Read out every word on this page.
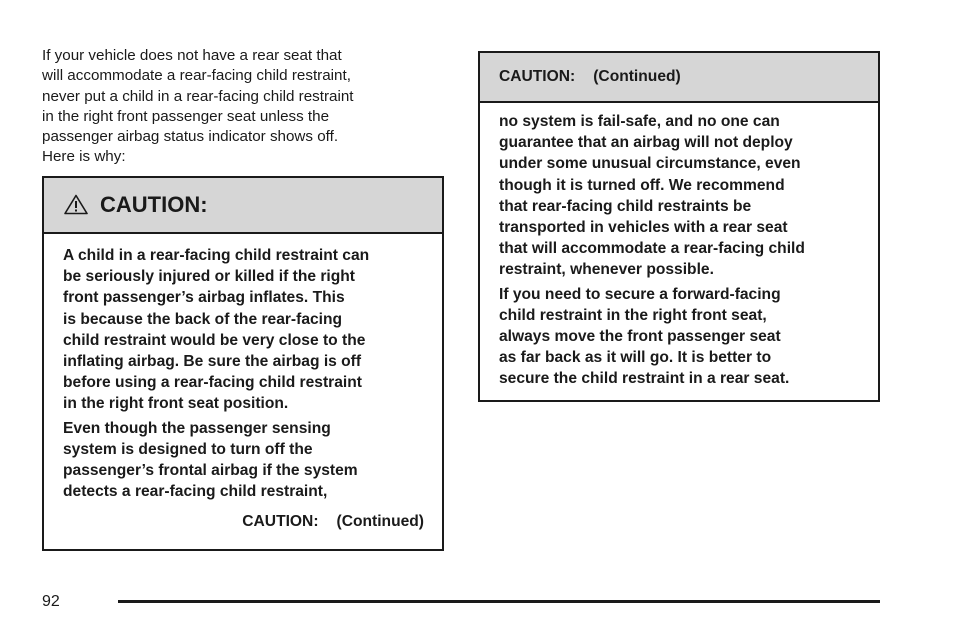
If your vehicle does not have a rear seat that
will accommodate a rear-facing child restraint,
never put a child in a rear-facing child restraint
in the right front passenger seat unless the
passenger airbag status indicator shows off.
Here is why:

CAUTION:

A child in a rear-facing child restraint can
be seriously injured or killed if the right
front passenger’s airbag inflates. This
is because the back of the rear-facing
child restraint would be very close to the
inflating airbag. Be sure the airbag is off
before using a rear-facing child restraint
in the right front seat position.

Even though the passenger sensing
system is designed to turn off the
passenger’s frontal airbag if the system
detects a rear-facing child restraint,

CAUTION: (Continued)
CAUTION: (Continued)

no system is fail-safe, and no one can
guarantee that an airbag will not deploy
under some unusual circumstance, even
though it is turned off. We recommend
that rear-facing child restraints be
transported in vehicles with a rear seat
that will accommodate a rear-facing child
restraint, whenever possible.

If you need to secure a forward-facing
child restraint in the right front seat,
always move the front passenger seat
as far back as it will go. It is better to
secure the child restraint in a rear seat.

92
